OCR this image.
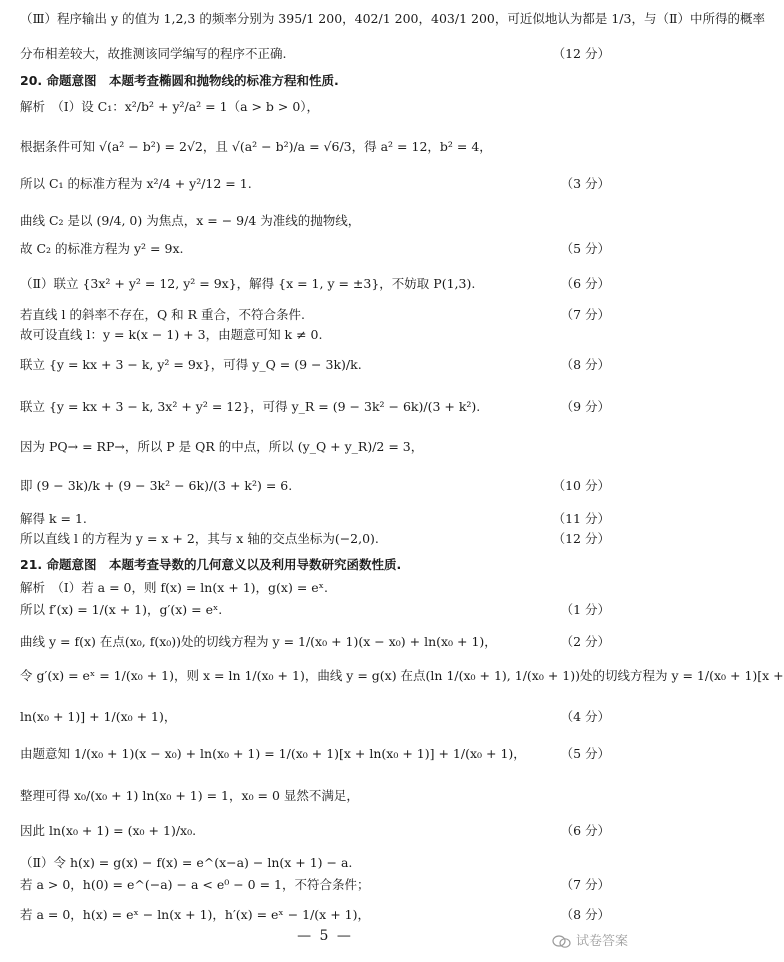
（Ⅲ）程序输出 y 的值为 1,2,3 的频率分别为 395/1 200，402/1 200，403/1 200，可近似地认为都是 1/3，与（Ⅱ）中所得的概率
分布相差较大，故推测该同学编写的程序不正确.	（12 分）
20. 命题意图　本题考查椭圆和抛物线的标准方程和性质.
解析　（Ⅰ）设 C₁：x²/b² + y²/a² = 1（a > b > 0），
根据条件可知 √(a² − b²) = 2√2，且 √(a² − b²)/a = √6/3，得 a² = 12，b² = 4，
所以 C₁ 的标准方程为 x²/4 + y²/12 = 1.	（3 分）
曲线 C₂ 是以 (9/4, 0) 为焦点，x = − 9/4 为准线的抛物线，
故 C₂ 的标准方程为 y² = 9x.	（5 分）
（Ⅱ）联立 {3x² + y² = 12, y² = 9x}，解得 {x = 1, y = ±3}，不妨取 P(1,3).	（6 分）
若直线 l 的斜率不存在，Q 和 R 重合，不符合条件.	（7 分）
故可设直线 l：y = k(x − 1) + 3，由题意可知 k ≠ 0.
联立 {y = kx + 3 − k, y² = 9x}，可得 y_Q = (9 − 3k)/k.	（8 分）
联立 {y = kx + 3 − k, 3x² + y² = 12}，可得 y_R = (9 − 3k² − 6k)/(3 + k²).	（9 分）
因为 PQ→ = RP→，所以 P 是 QR 的中点，所以 (y_Q + y_R)/2 = 3，
即 (9 − 3k)/k + (9 − 3k² − 6k)/(3 + k²) = 6.	（10 分）
解得 k = 1.	（11 分）
所以直线 l 的方程为 y = x + 2，其与 x 轴的交点坐标为(−2,0).	（12 分）
21. 命题意图　本题考查导数的几何意义以及利用导数研究函数性质.
解析　（Ⅰ）若 a = 0，则 f(x) = ln(x + 1)，g(x) = eˣ.
所以 f′(x) = 1/(x + 1)，g′(x) = eˣ.	（1 分）
曲线 y = f(x) 在点(x₀, f(x₀))处的切线方程为 y = 1/(x₀ + 1)(x − x₀) + ln(x₀ + 1)，	（2 分）
令 g′(x) = eˣ = 1/(x₀ + 1)，则 x = ln 1/(x₀ + 1)，曲线 y = g(x) 在点(ln 1/(x₀ + 1), 1/(x₀ + 1))处的切线方程为 y = 1/(x₀ + 1)[x +
ln(x₀ + 1)] + 1/(x₀ + 1)，	（4 分）
由题意知 1/(x₀ + 1)(x − x₀) + ln(x₀ + 1) = 1/(x₀ + 1)[x + ln(x₀ + 1)] + 1/(x₀ + 1)，	（5 分）
整理可得 x₀/(x₀ + 1) ln(x₀ + 1) = 1，x₀ = 0 显然不满足，
因此 ln(x₀ + 1) = (x₀ + 1)/x₀.	（6 分）
（Ⅱ）令 h(x) = g(x) − f(x) = e^(x−a) − ln(x + 1) − a.
若 a > 0，h(0) = e^(−a) − a < e⁰ − 0 = 1，不符合条件；	（7 分）
若 a = 0，h(x) = eˣ − ln(x + 1)，h′(x) = eˣ − 1/(x + 1)，	（8 分）
— 5 —	试卷答案
